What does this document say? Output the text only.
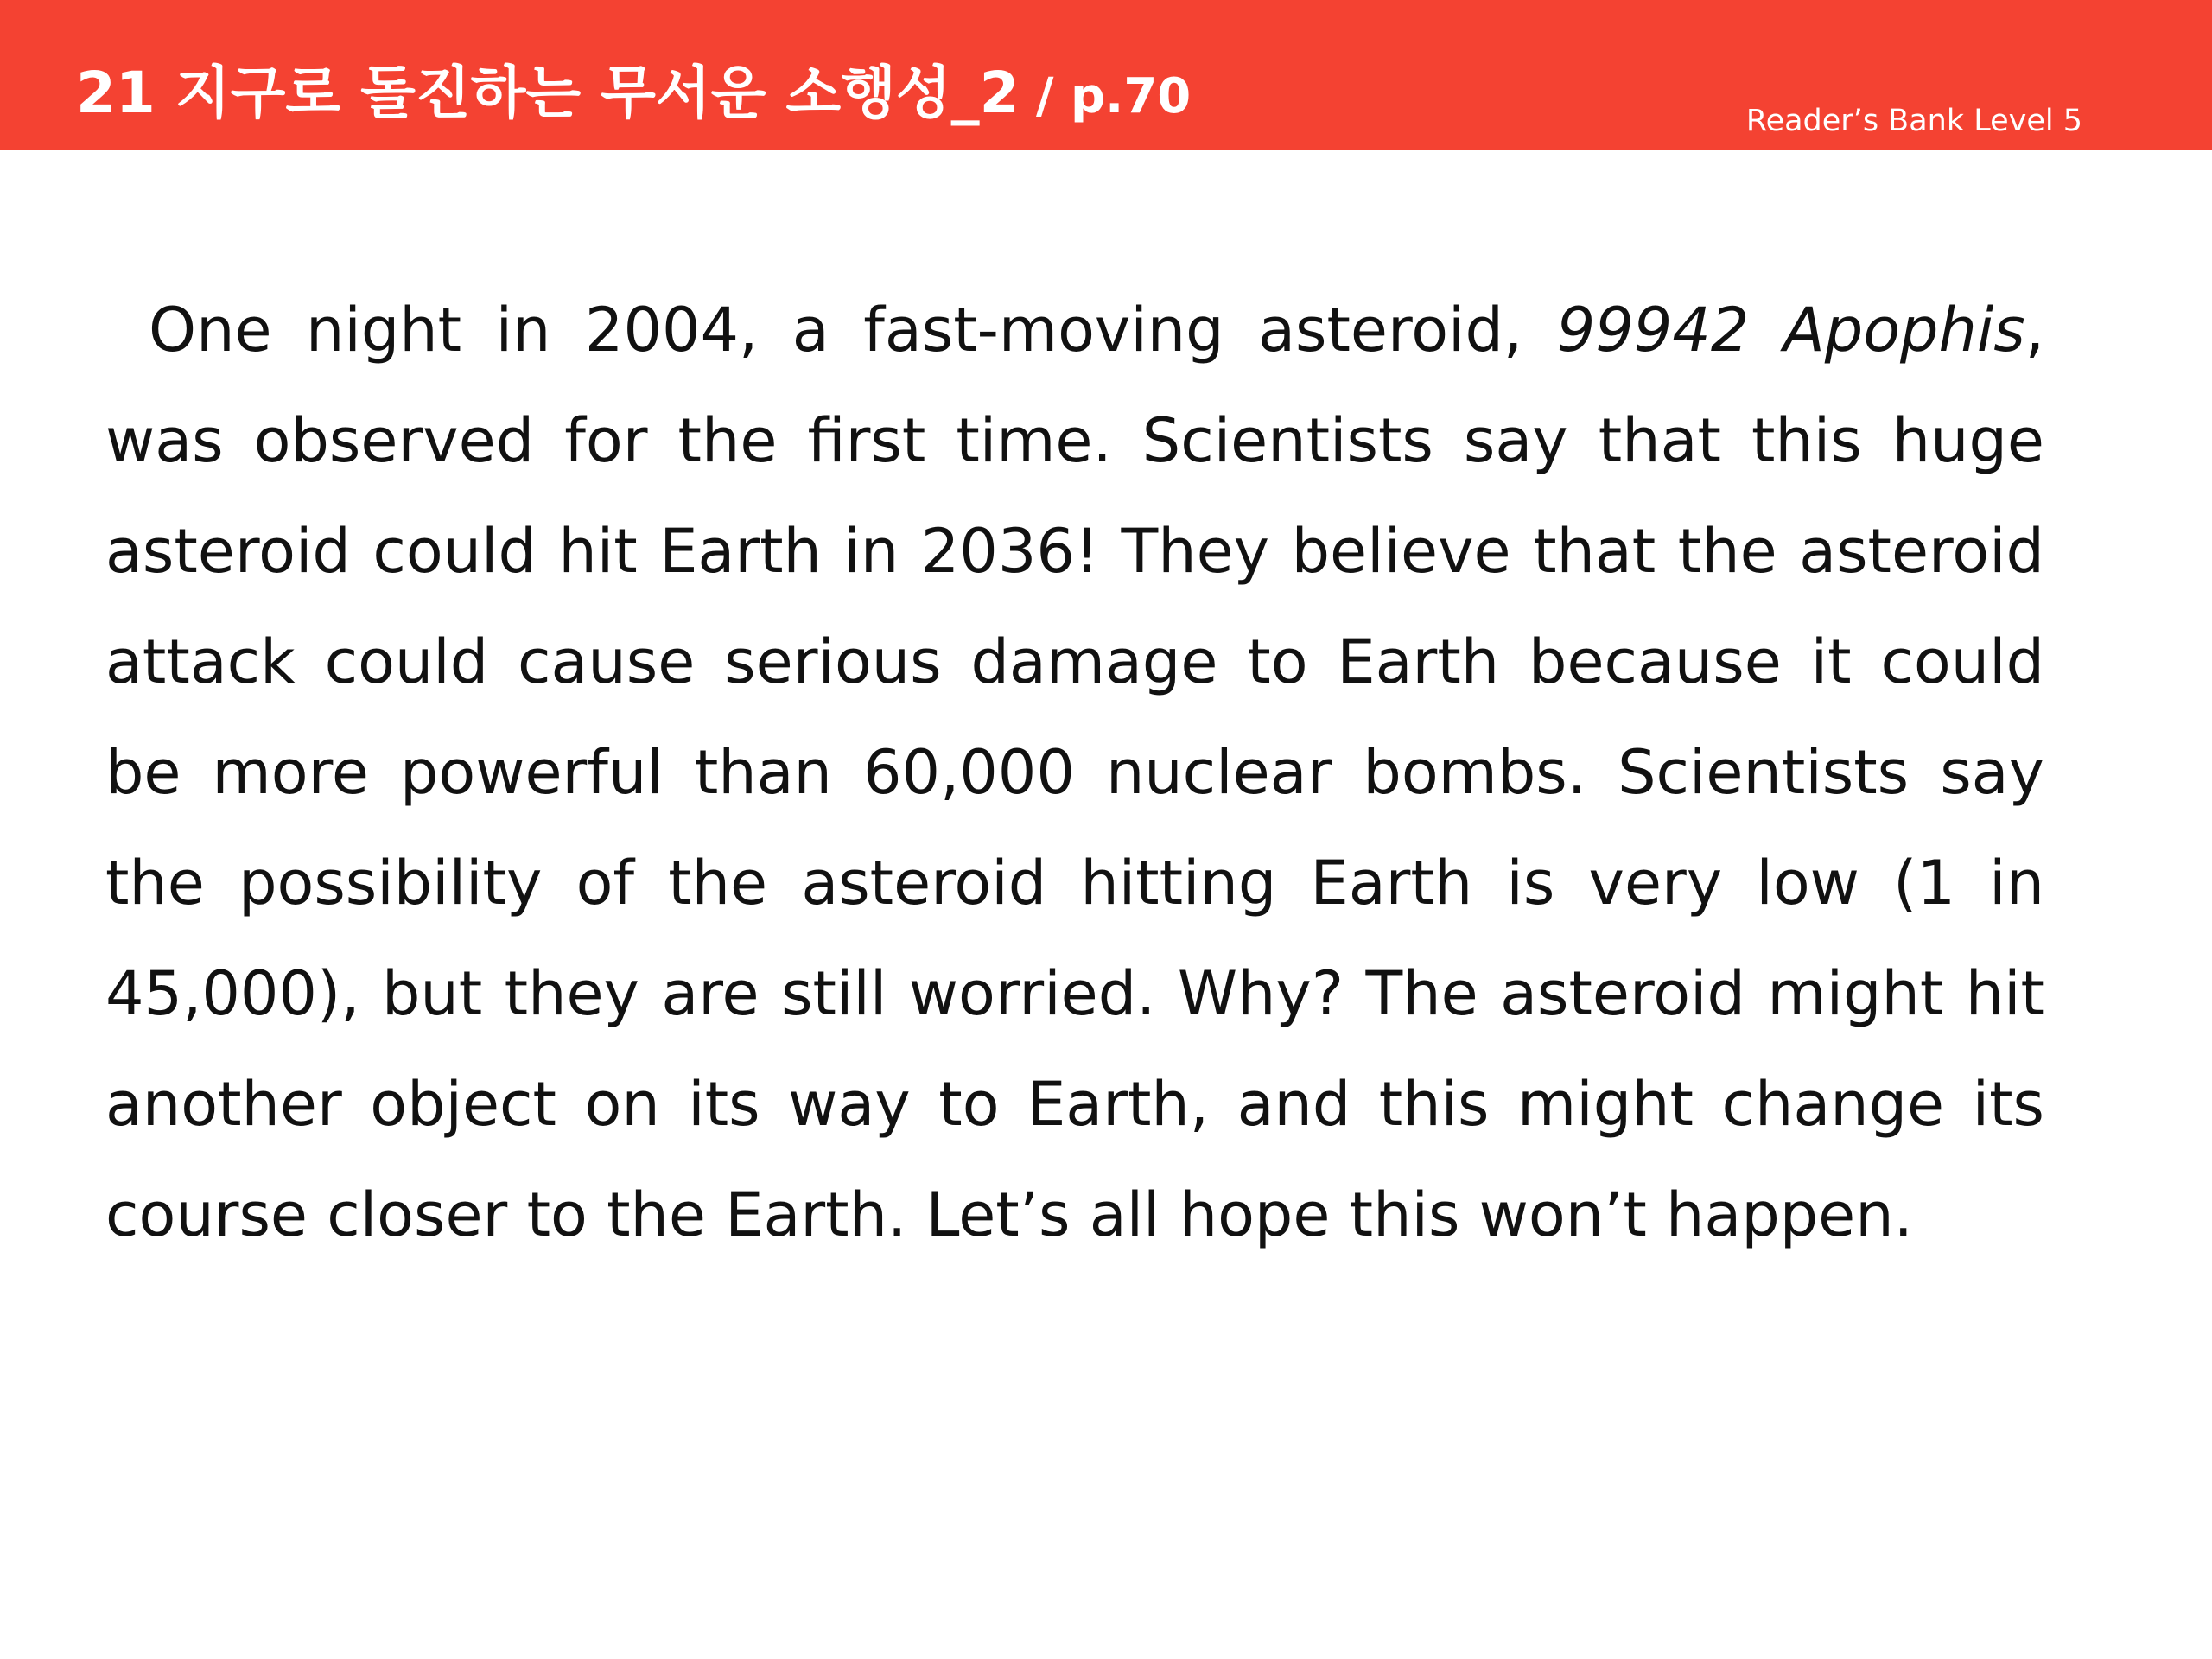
21 지구로 돌진하는 무서운 소행성_2 / p.70	Reader’s Bank Level 5

One night in 2004, a fast-moving asteroid, 99942 Apophis, was observed for the first time. Scientists say that this huge asteroid could hit Earth in 2036! They believe that the asteroid attack could cause serious damage to Earth because it could be more powerful than 60,000 nuclear bombs. Scientists say the possibility of the asteroid hitting Earth is very low (1 in 45,000), but they are still worried. Why? The asteroid might hit another object on its way to Earth, and this might change its course closer to the Earth. Let’s all hope this won’t happen.
